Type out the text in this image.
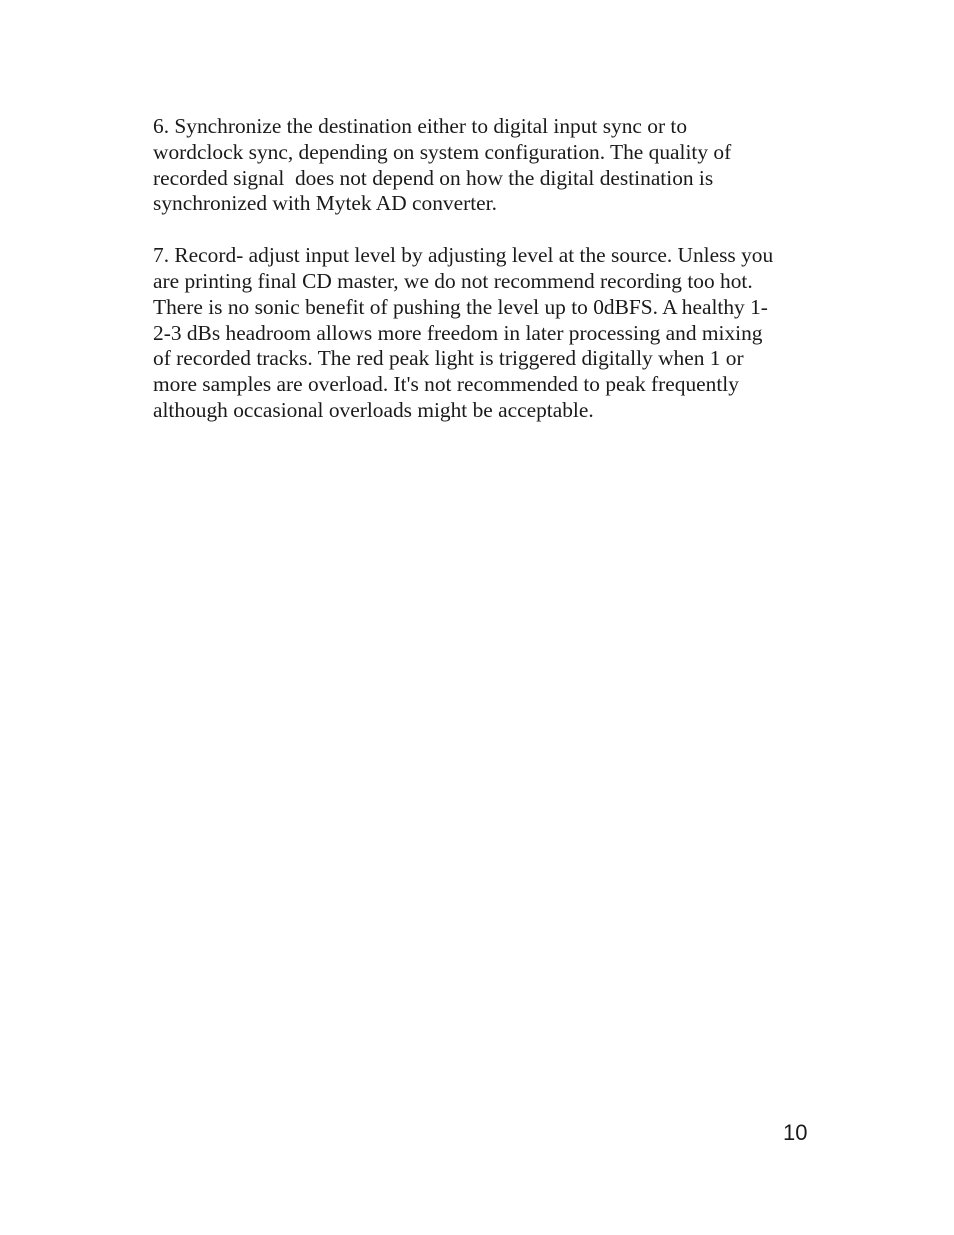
6. Synchronize the destination either to digital input sync or to
wordclock sync, depending on system configuration. The quality of
recorded signal  does not depend on how the digital destination is
synchronized with Mytek AD converter.
7. Record- adjust input level by adjusting level at the source. Unless you
are printing final CD master, we do not recommend recording too hot.
There is no sonic benefit of pushing the level up to 0dBFS. A healthy 1-
2-3 dBs headroom allows more freedom in later processing and mixing
of recorded tracks. The red peak light is triggered digitally when 1 or
more samples are overload. It's not recommended to peak frequently
although occasional overloads might be acceptable.
10
